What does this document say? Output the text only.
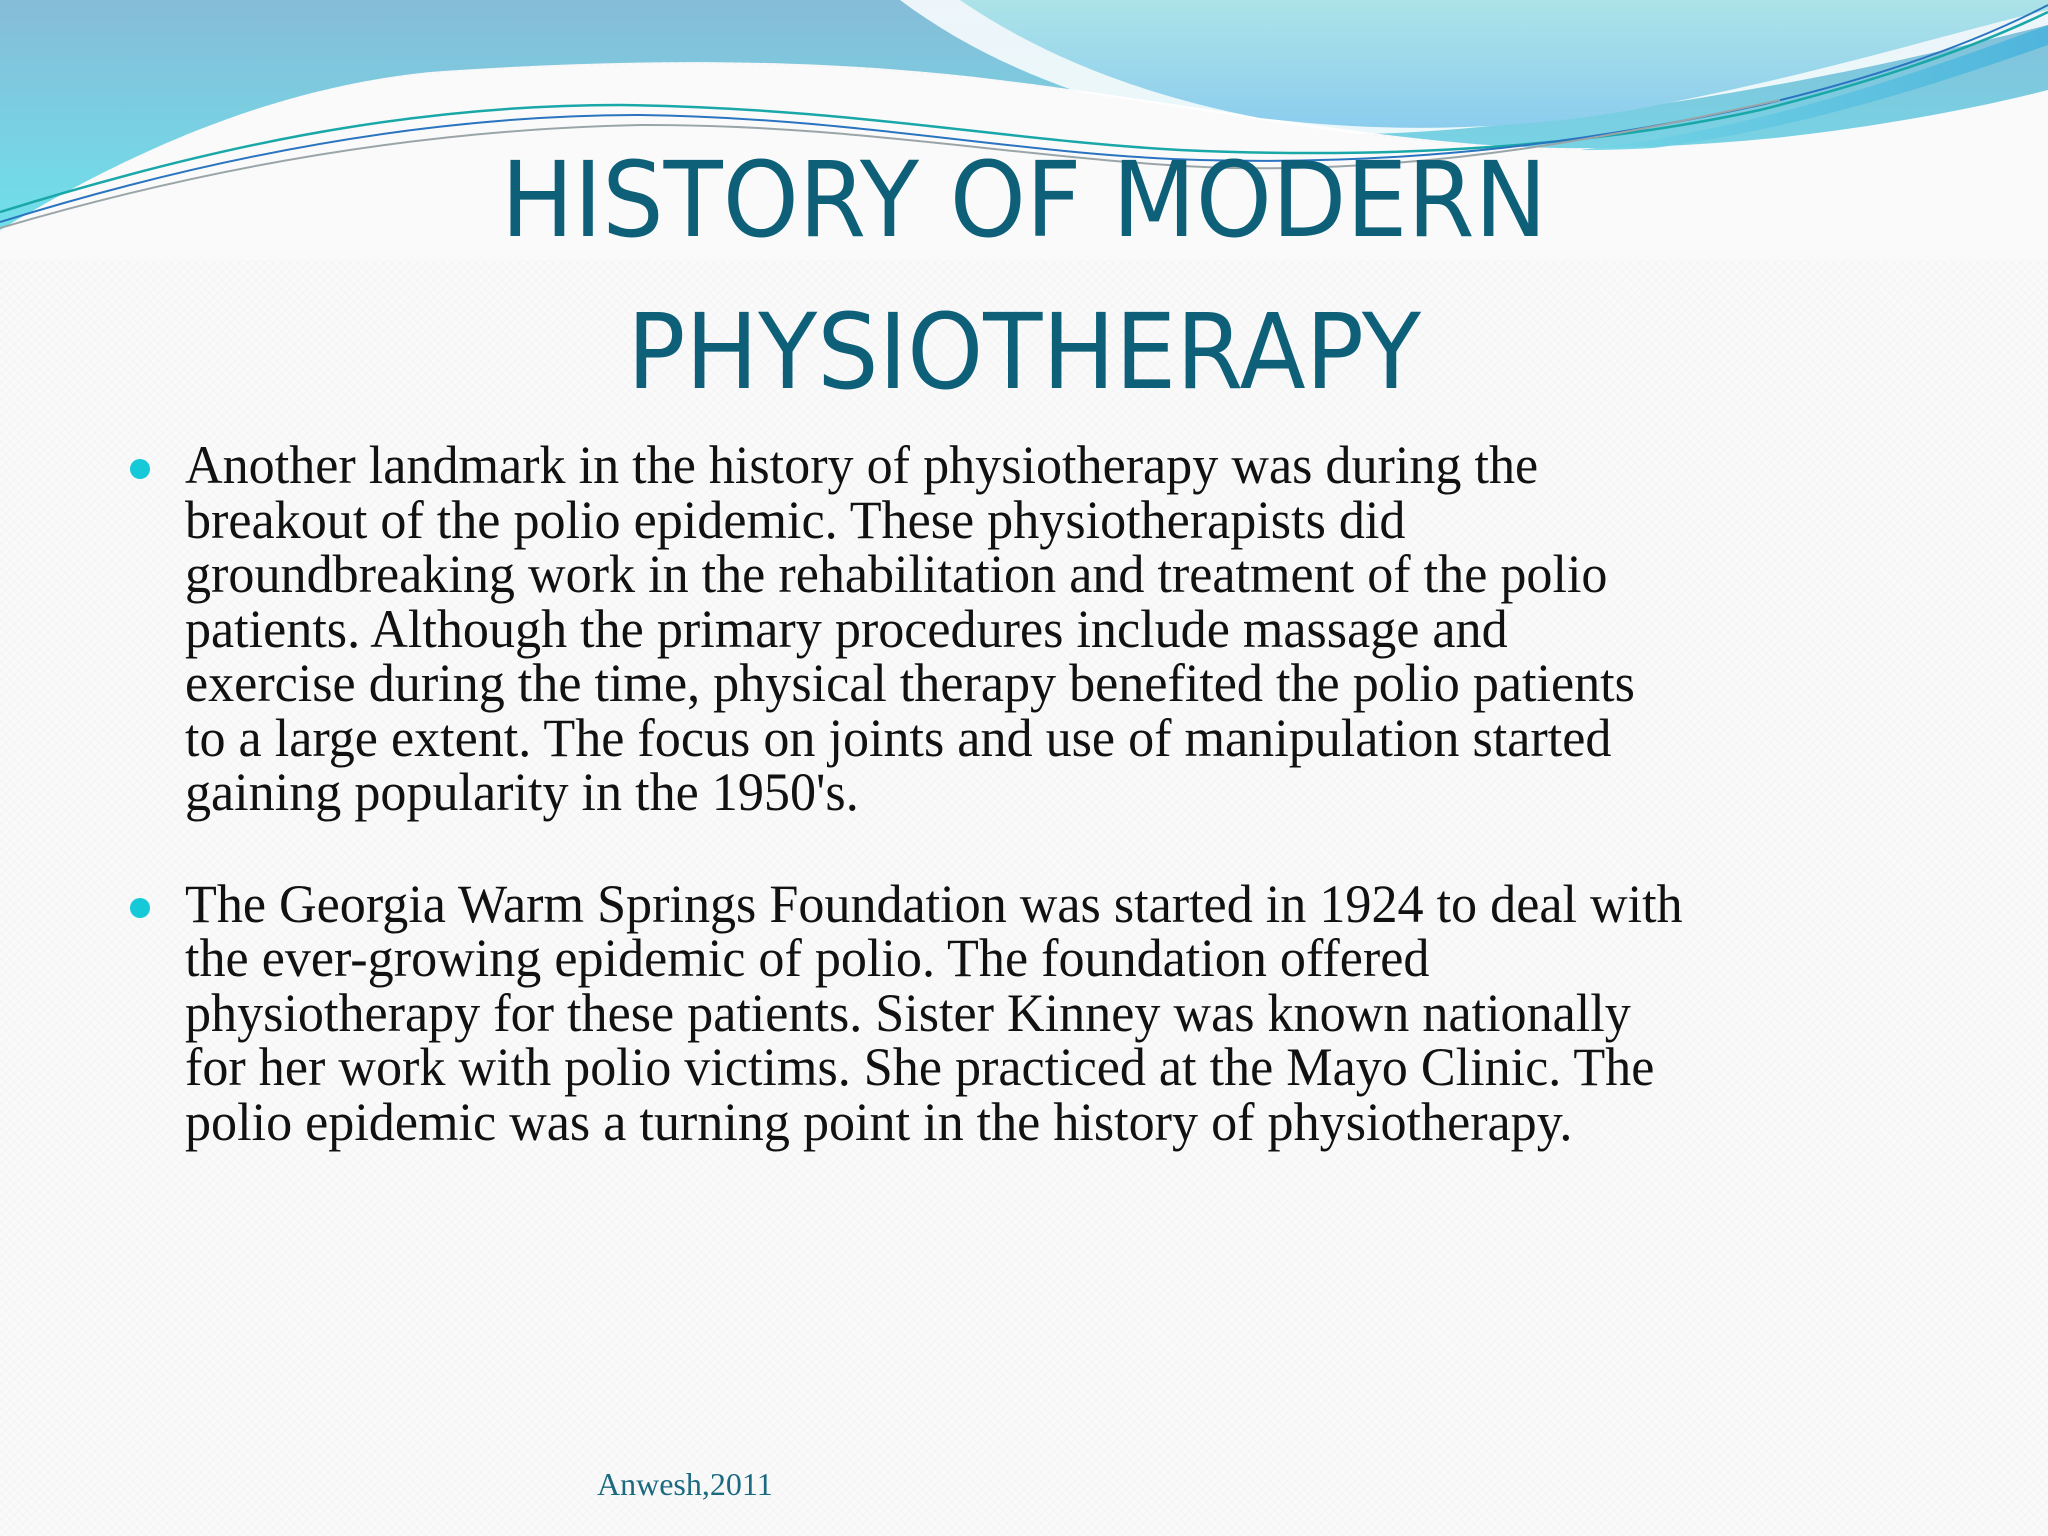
HISTORY OF MODERN
PHYSIOTHERAPY
Another landmark in the history of physiotherapy was during the
breakout of the polio epidemic. These physiotherapists did
groundbreaking work in the rehabilitation and treatment of the polio
patients. Although the primary procedures include massage and
exercise during the time, physical therapy benefited the polio patients
to a large extent. The focus on joints and use of manipulation started
gaining popularity in the 1950's.
The Georgia Warm Springs Foundation was started in 1924 to deal with
the ever-growing epidemic of polio. The foundation offered
physiotherapy for these patients. Sister Kinney was known nationally
for her work with polio victims. She practiced at the Mayo Clinic. The
polio epidemic was a turning point in the history of physiotherapy.
Anwesh,2011
